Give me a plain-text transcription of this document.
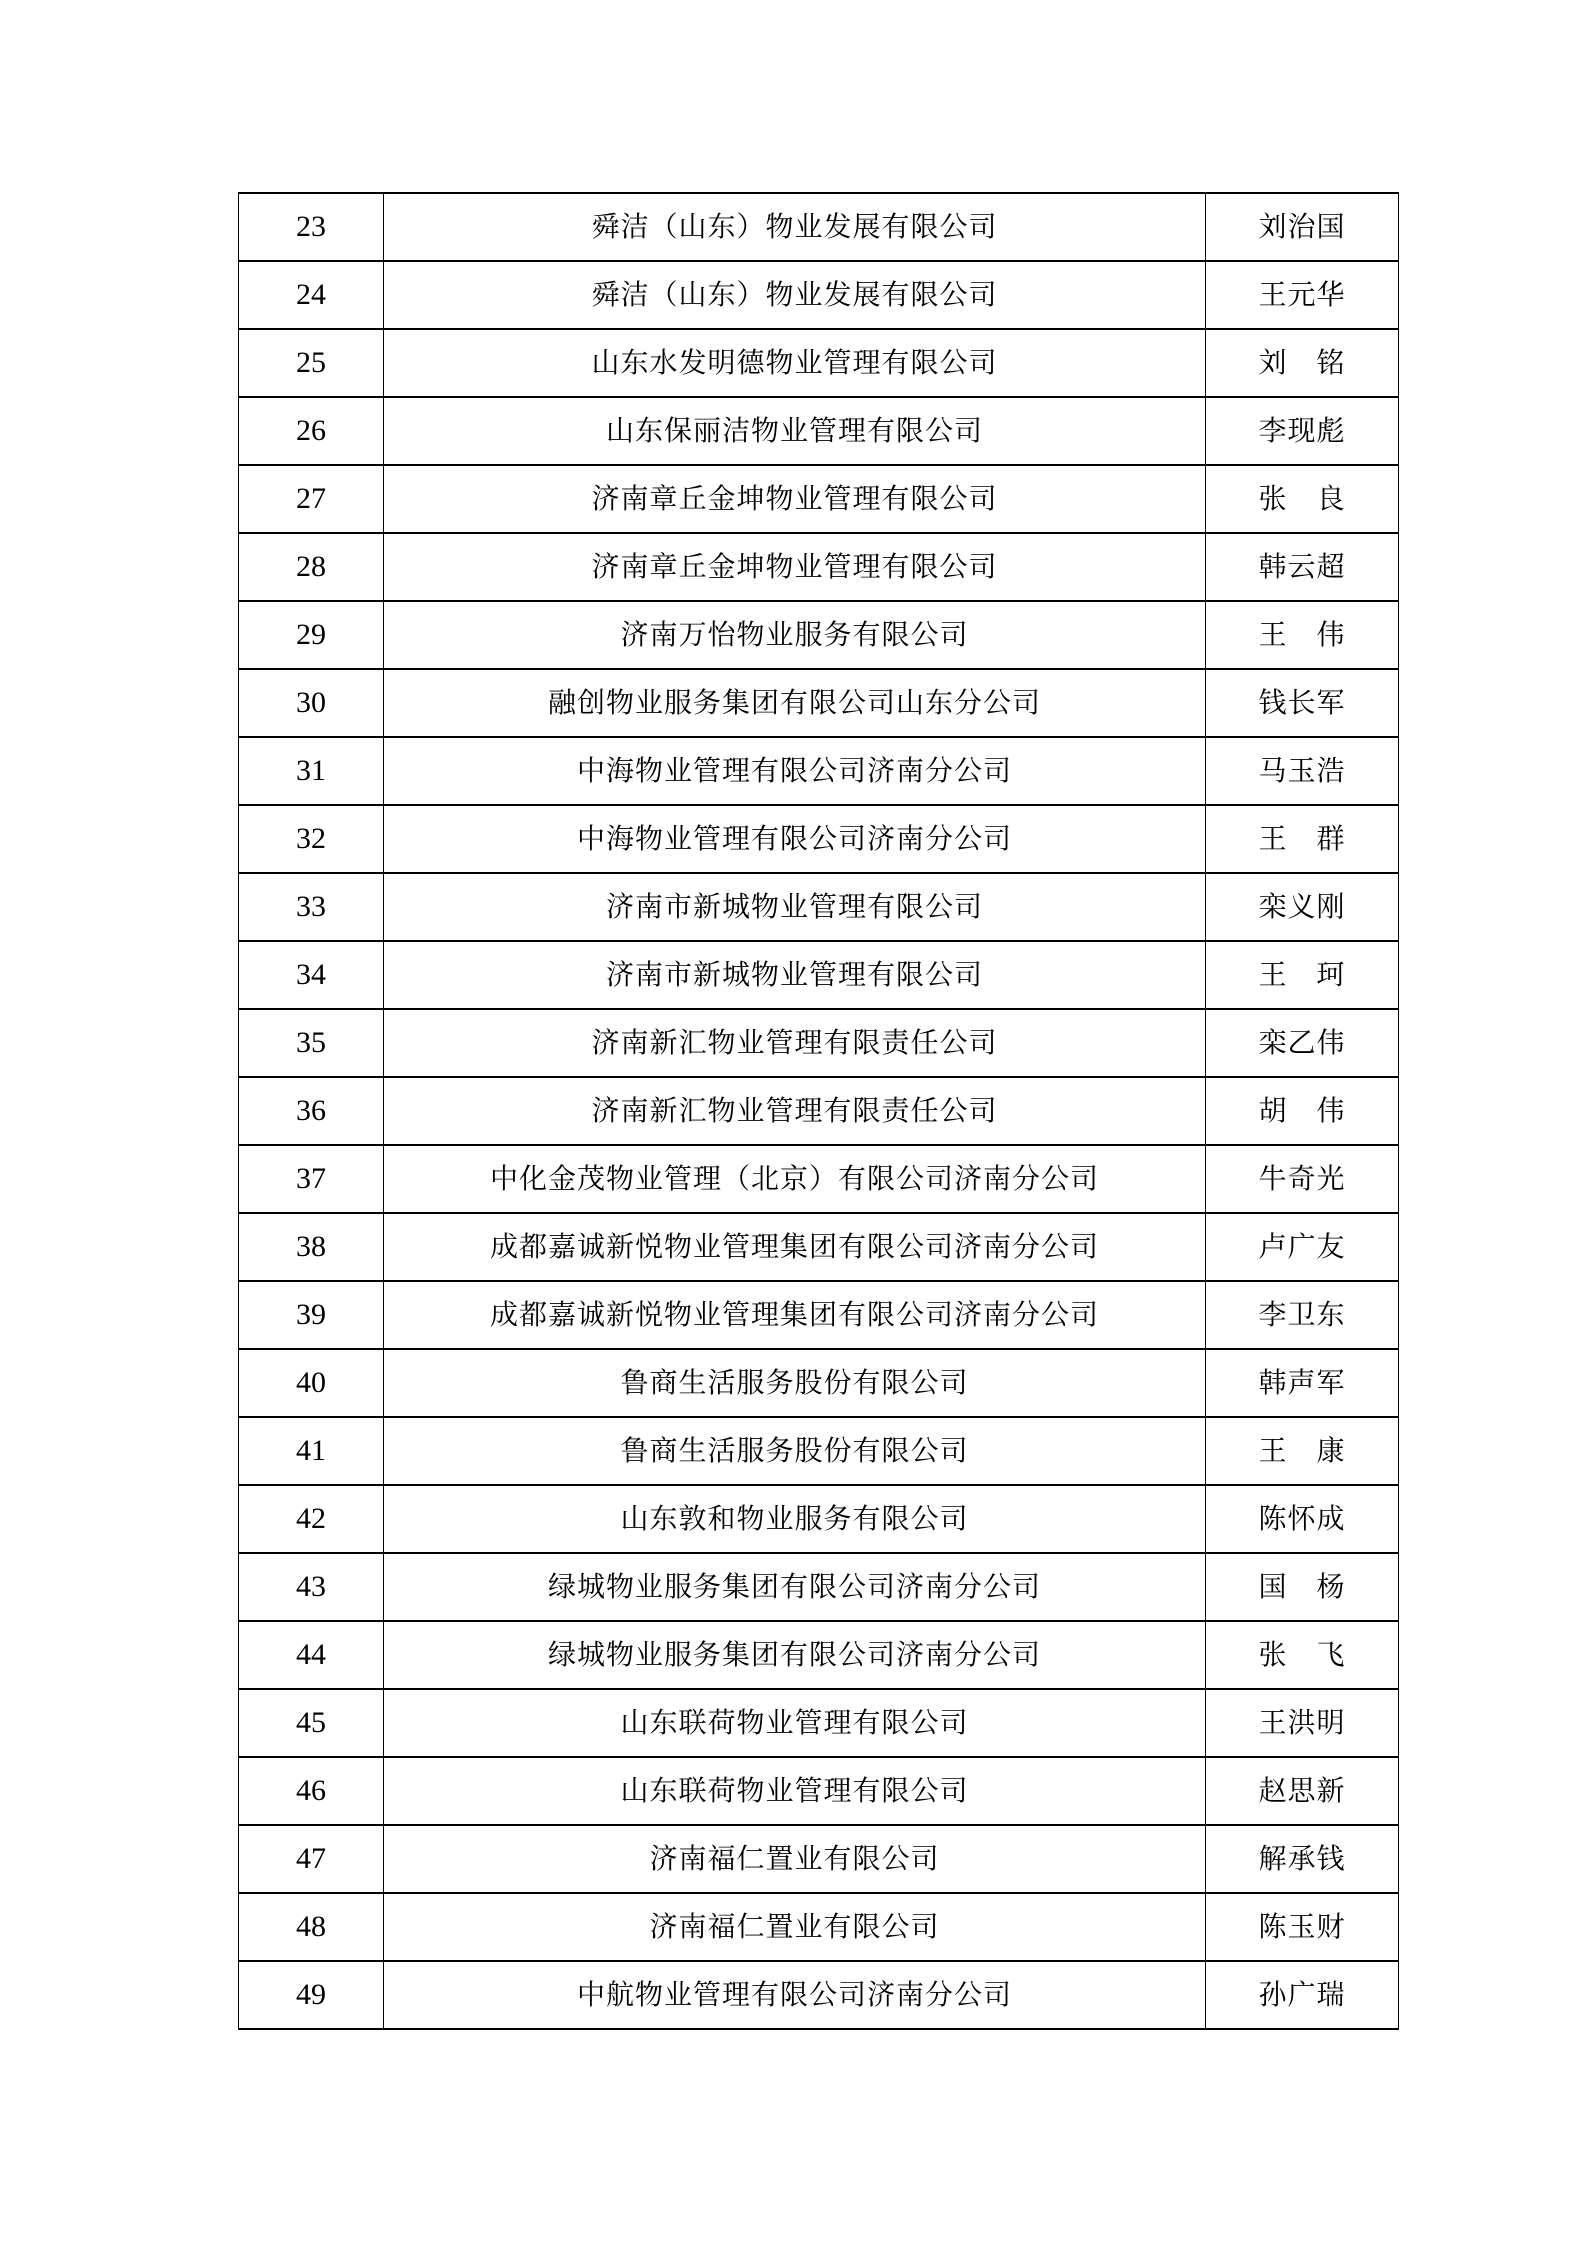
23	舜洁（山东）物业发展有限公司	刘治国
24	舜洁（山东）物业发展有限公司	王元华
25	山东水发明德物业管理有限公司	刘　铭
26	山东保丽洁物业管理有限公司	李现彪
27	济南章丘金坤物业管理有限公司	张　良
28	济南章丘金坤物业管理有限公司	韩云超
29	济南万怡物业服务有限公司	王　伟
30	融创物业服务集团有限公司山东分公司	钱长军
31	中海物业管理有限公司济南分公司	马玉浩
32	中海物业管理有限公司济南分公司	王　群
33	济南市新城物业管理有限公司	栾义刚
34	济南市新城物业管理有限公司	王　珂
35	济南新汇物业管理有限责任公司	栾乙伟
36	济南新汇物业管理有限责任公司	胡　伟
37	中化金茂物业管理（北京）有限公司济南分公司	牛奇光
38	成都嘉诚新悦物业管理集团有限公司济南分公司	卢广友
39	成都嘉诚新悦物业管理集团有限公司济南分公司	李卫东
40	鲁商生活服务股份有限公司	韩声军
41	鲁商生活服务股份有限公司	王　康
42	山东敦和物业服务有限公司	陈怀成
43	绿城物业服务集团有限公司济南分公司	国　杨
44	绿城物业服务集团有限公司济南分公司	张　飞
45	山东联荷物业管理有限公司	王洪明
46	山东联荷物业管理有限公司	赵思新
47	济南福仁置业有限公司	解承钱
48	济南福仁置业有限公司	陈玉财
49	中航物业管理有限公司济南分公司	孙广瑞
